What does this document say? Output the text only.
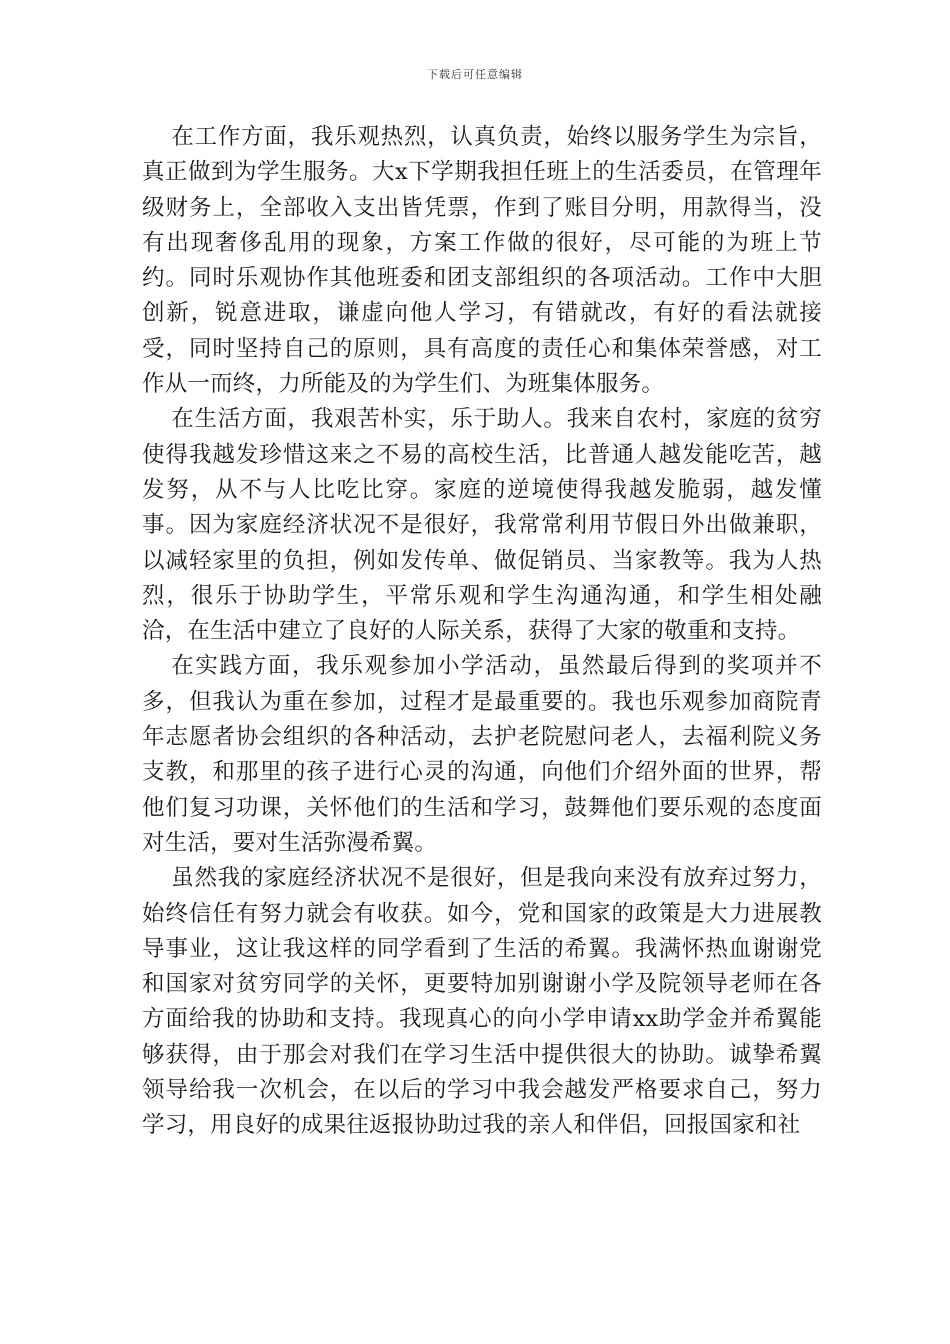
下载后可任意编辑

在工作方面，我乐观热烈，认真负责，始终以服务学生为宗旨，真正做到为学生服务。大x下学期我担任班上的生活委员，在管理年级财务上，全部收入支出皆凭票，作到了账目分明，用款得当，没有出现奢侈乱用的现象，方案工作做的很好，尽可能的为班上节约。同时乐观协作其他班委和团支部组织的各项活动。工作中大胆创新，锐意进取，谦虚向他人学习，有错就改，有好的看法就接受，同时坚持自己的原则，具有高度的责任心和集体荣誉感，对工作从一而终，力所能及的为学生们、为班集体服务。

在生活方面，我艰苦朴实，乐于助人。我来自农村，家庭的贫穷使得我越发珍惜这来之不易的高校生活，比普通人越发能吃苦，越发努，从不与人比吃比穿。家庭的逆境使得我越发脆弱，越发懂事。因为家庭经济状况不是很好，我常常利用节假日外出做兼职，以减轻家里的负担，例如发传单、做促销员、当家教等。我为人热烈，很乐于协助学生，平常乐观和学生沟通沟通，和学生相处融洽，在生活中建立了良好的人际关系，获得了大家的敬重和支持。

在实践方面，我乐观参加小学活动，虽然最后得到的奖项并不多，但我认为重在参加，过程才是最重要的。我也乐观参加商院青年志愿者协会组织的各种活动，去护老院慰问老人，去福利院义务支教，和那里的孩子进行心灵的沟通，向他们介绍外面的世界，帮他们复习功课，关怀他们的生活和学习，鼓舞他们要乐观的态度面对生活，要对生活弥漫希翼。

虽然我的家庭经济状况不是很好，但是我向来没有放弃过努力，始终信任有努力就会有收获。如今，党和国家的政策是大力进展教导事业，这让我这样的同学看到了生活的希翼。我满怀热血谢谢党和国家对贫穷同学的关怀，更要特加别谢谢小学及院领导老师在各方面给我的协助和支持。我现真心的向小学申请xx助学金并希翼能够获得，由于那会对我们在学习生活中提供很大的协助。诚挚希翼领导给我一次机会，在以后的学习中我会越发严格要求自己，努力学习，用良好的成果往返报协助过我的亲人和伴侣，回报国家和社
